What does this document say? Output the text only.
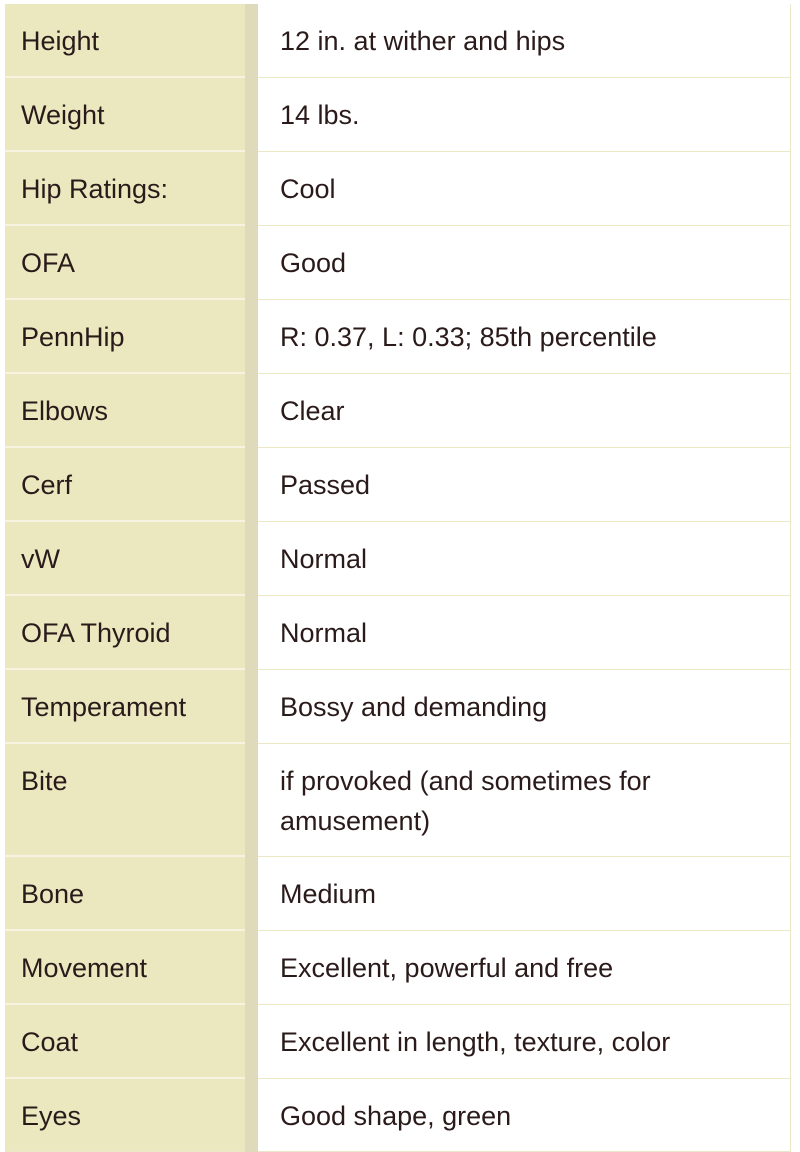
Height	12 in. at wither and hips
Weight	14 lbs.
Hip Ratings:	Cool
OFA	Good
PennHip	R: 0.37, L: 0.33; 85th percentile
Elbows	Clear
Cerf	Passed
vW	Normal
OFA Thyroid	Normal
Temperament	Bossy and demanding
Bite	if provoked (and sometimes for amusement)
Bone	Medium
Movement	Excellent, powerful and free
Coat	Excellent in length, texture, color
Eyes	Good shape, green
